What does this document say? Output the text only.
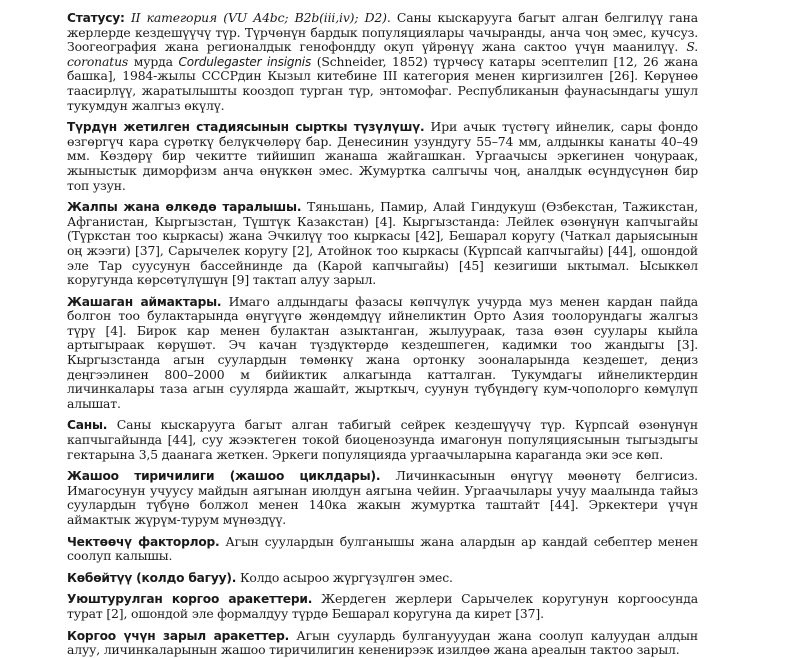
Статусу: II категория (VU A4bc; B2b(iii,iv); D2). Саны кыскарууга багыт алган белгилүү гана жерлерде кездешүүчү түр. Түрчөнүн бардык популяциялары чачыранды, анча чоң эмес, кучсуз. Зоогеография жана регионалдык генофондду окуп үйрөнүү жана сактоо үчүн маанилүү. S. coronatus мурда Cordulegaster insignis (Schneider, 1852) түрчөсү катары эсептелип [12, 26 жана башка], 1984-жылы СССРдин Кызыл китебине III категория менен киргизилген [26]. Көрүнөө таасирлүү, жаратылышты кооздоп турган түр, энтомофаг. Республиканын фаунасындагы ушул тукумдун жалгыз өкүлү.

Түрдүн жетилген стадиясынын сырткы түзүлүшү. Ири ачык түстөгү ийнелик, сары фондо өзгөргүч кара сүрөткү белүкчөлөрү бар. Денесинин узундугу 55–74 мм, алдынкы канаты 40–49 мм. Көздөрү бир чекитте тийишип жанаша жайгашкан. Ургаачысы эркегинен чоңураак, жыныстык диморфизм анча өнүккөн эмес. Жумуртка салгычы чоң, аналдык өсүндүсүнөн бир топ узун.

Жалпы жана өлкөдө таралышы. Тяньшань, Памир, Алай Гиндукуш (Өзбекстан, Тажикстан, Афганистан, Кыргызстан, Түштүк Казакстан) [4]. Кыргызстанда: Лейлек өзөнүнүн капчыгайы (Түркстан тоо кыркасы) жана Эчкилүү тоо кыркасы [42], Бешарал коругу (Чаткал дарыясынын оң жээги) [37], Сарычелек коругу [2], Атойнок тоо кыркасы (Күрпсай капчыгайы) [44], ошондой эле Тар суусунун бассейнинде да (Карой капчыгайы) [45] кезигиши ыктымал. Ысыккөл коругунда көрсөтүлүшүн [9] тактап алуу зарыл.

Жашаган аймактары. Имаго алдындагы фазасы көпчүлүк учурда муз менен кардан пайда болгон тоо булактарында өнүгүүгө жөндөмдүү ийнеликтин Орто Азия тоолорундагы жалгыз түрү [4]. Бирок кар менен булактан азыктанган, жылуураак, таза өзөн суулары кыйла артыгыраак көрүшөт. Эч качан түздүктөрдө кездешпеген, кадимки тоо жандыгы [3]. Кыргызстанда агын суулардын төмөнкү жана ортонку зооналарында кездешет, деңиз деңгээлинен 800–2000 м бийиктик алкагында катталган. Тукумдагы ийнеликтердин личинкалары таза агын суулярда жашайт, жырткыч, суунун түбүндөгү кум-чополорго көмүлүп алышат.

Саны. Саны кыскарууга багыт алган табигый сейрек кездешүүчү түр. Күрпсай өзөнүнүн капчыгайында [44], суу жээктеген токой биоценозунда имагонун популяциясынын тыгыздыгы гектарына 3,5 даанага жеткен. Эркеги популяцияда ургаачыларына караганда эки эсе көп.

Жашоо тиричилиги (жашоо циклдары). Личинкасынын өнүгүү мөөнөтү белгисиз. Имагосунун учуусу майдын аягынан июлдун аягына чейин. Ургаачылары учуу маалында тайыз суулардын түбүнө болжол менен 140ка жакын жумуртка таштайт [44]. Эркектери үчүн аймактык жүрүм-турум мүнөздүү.

Чектөөчү факторлор. Агын суулардын булганышы жана алардын ар кандай себептер менен соолуп калышы.

Көбөйтүү (колдо багуу). Колдо асыроо жүргүзүлгөн эмес.

Уюштурулган коргоо аракеттери. Жердеген жерлери Сарычелек коругунун коргоосунда турат [2], ошондой эле формалдуу түрдө Бешарал коругуна да кирет [37].

Коргоо үчүн зарыл аракеттер. Агын суулардь булганууудан жана соолуп калуудан алдын алуу, личинкаларынын жашоо тиричилигин кененирээк изилдөө жана ареалын тактоо зарыл.
